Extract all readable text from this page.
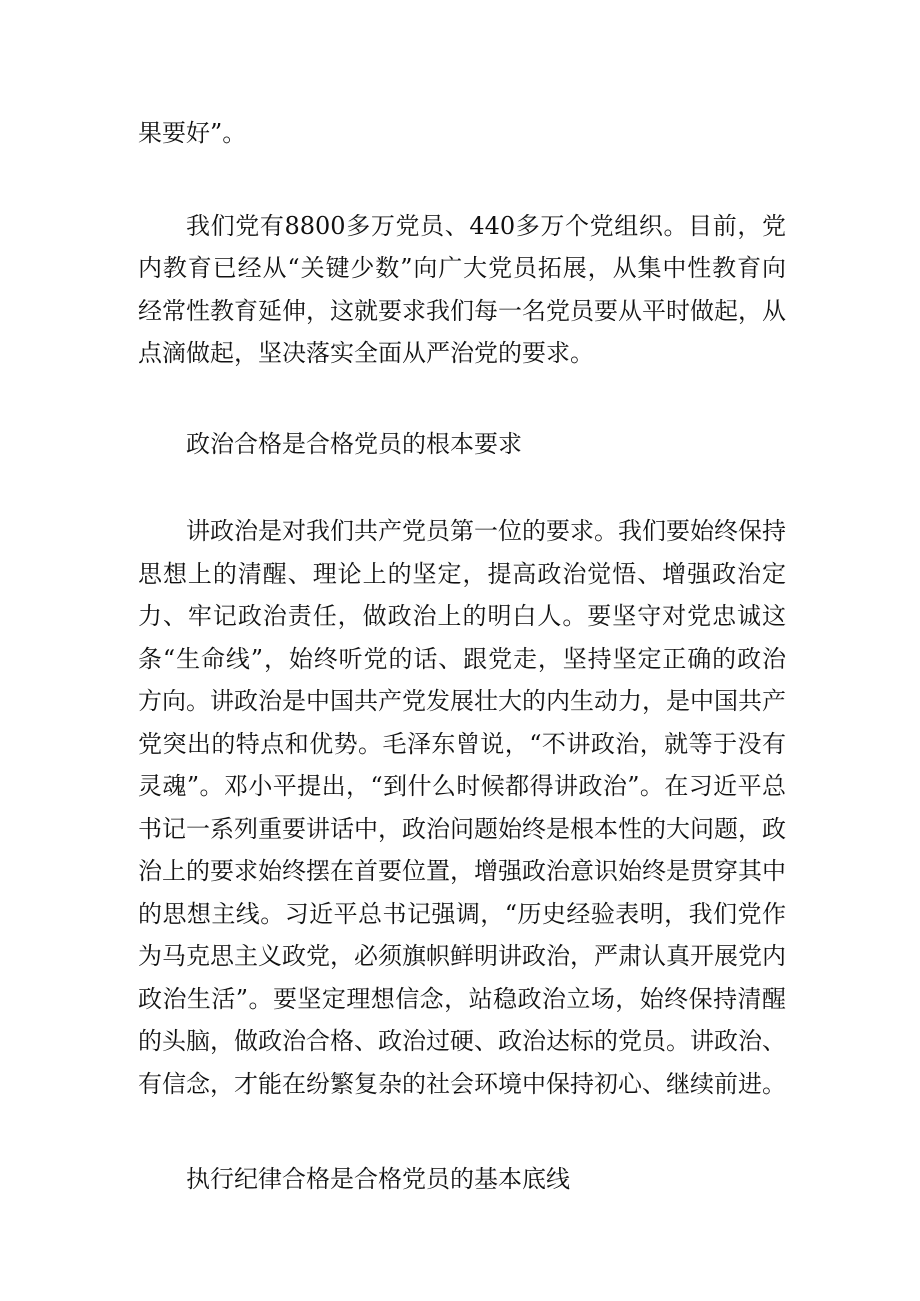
果要好”。

我们党有8800多万党员、440多万个党组织。目前，党内教育已经从“关键少数”向广大党员拓展，从集中性教育向经常性教育延伸，这就要求我们每一名党员要从平时做起，从点滴做起，坚决落实全面从严治党的要求。

政治合格是合格党员的根本要求

讲政治是对我们共产党员第一位的要求。我们要始终保持思想上的清醒、理论上的坚定，提高政治觉悟、增强政治定力、牢记政治责任，做政治上的明白人。要坚守对党忠诚这条“生命线”，始终听党的话、跟党走，坚持坚定正确的政治方向。讲政治是中国共产党发展壮大的内生动力，是中国共产党突出的特点和优势。毛泽东曾说，“不讲政治，就等于没有灵魂”。邓小平提出，“到什么时候都得讲政治”。在习近平总书记一系列重要讲话中，政治问题始终是根本性的大问题，政治上的要求始终摆在首要位置，增强政治意识始终是贯穿其中的思想主线。习近平总书记强调，“历史经验表明，我们党作为马克思主义政党，必须旗帜鲜明讲政治，严肃认真开展党内政治生活”。要坚定理想信念，站稳政治立场，始终保持清醒的头脑，做政治合格、政治过硬、政治达标的党员。讲政治、有信念，才能在纷繁复杂的社会环境中保持初心、继续前进。

执行纪律合格是合格党员的基本底线
